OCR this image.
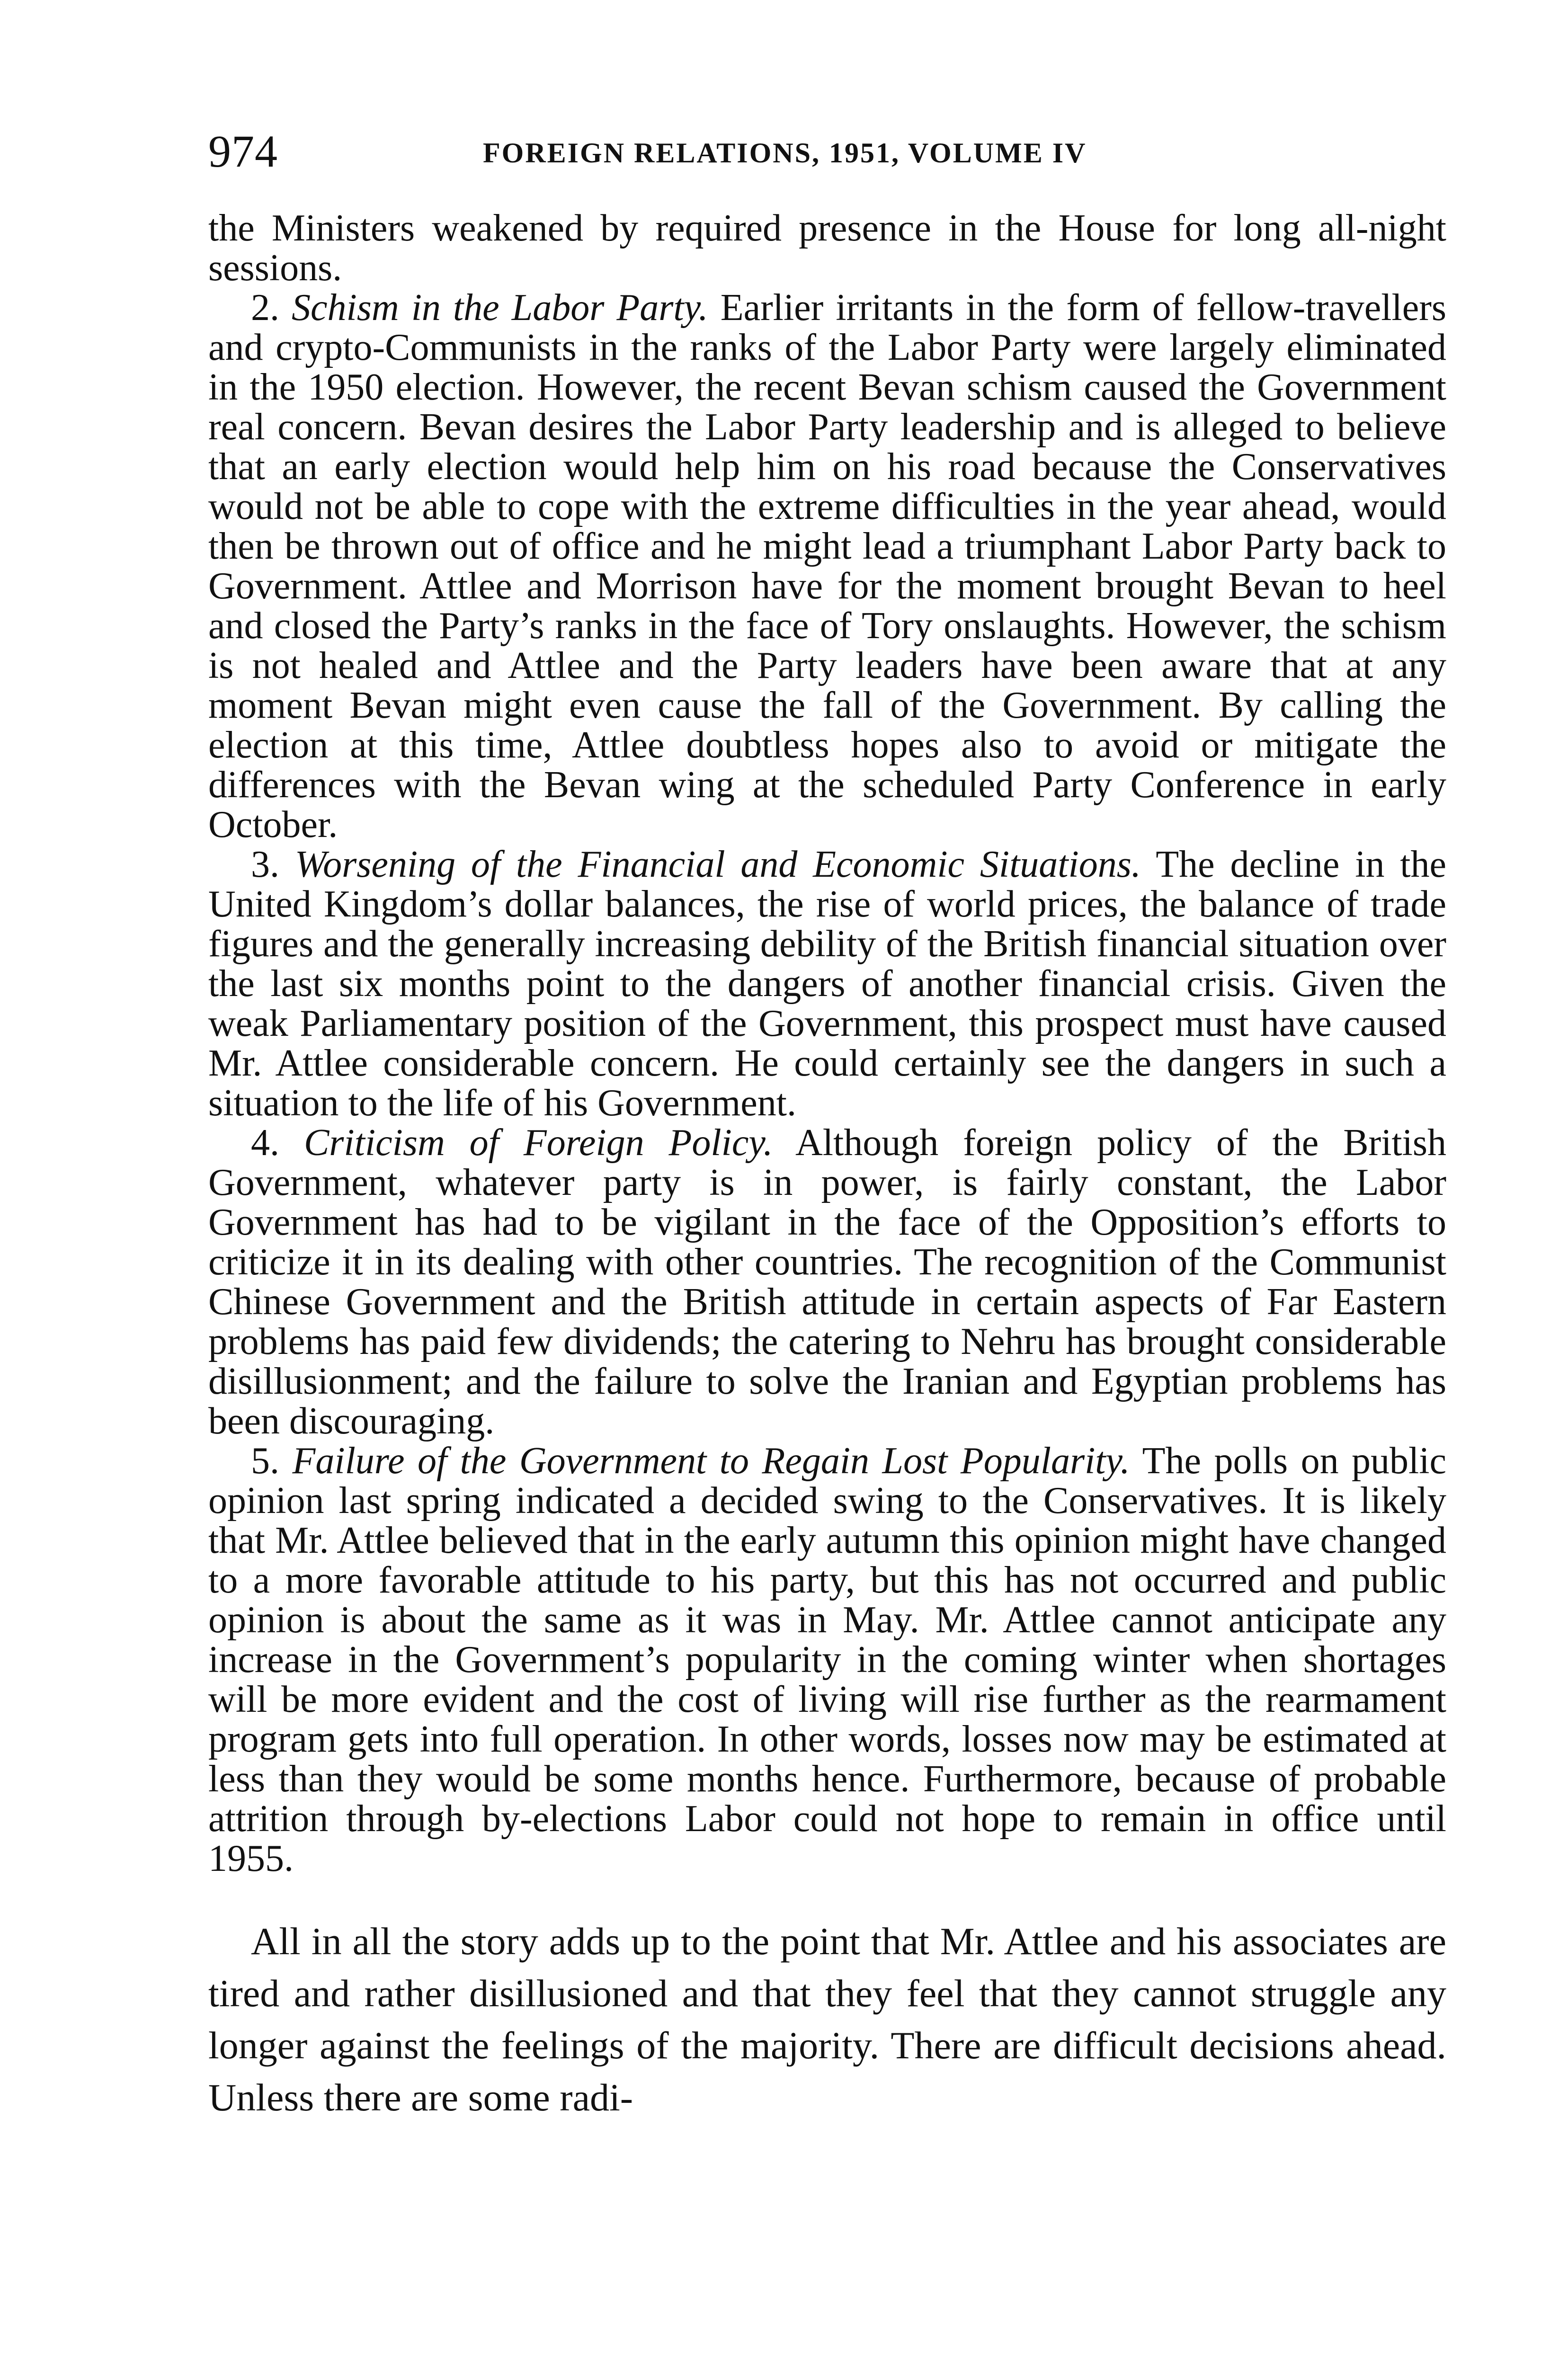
974	FOREIGN RELATIONS, 1951, VOLUME IV

the Ministers weakened by required presence in the House for long all-night sessions.

2. Schism in the Labor Party. Earlier irritants in the form of fellow-travellers and crypto-Communists in the ranks of the Labor Party were largely eliminated in the 1950 election. However, the recent Bevan schism caused the Government real concern. Bevan desires the Labor Party leadership and is alleged to believe that an early election would help him on his road because the Conservatives would not be able to cope with the extreme difficulties in the year ahead, would then be thrown out of office and he might lead a triumphant Labor Party back to Government. Attlee and Morrison have for the moment brought Bevan to heel and closed the Party’s ranks in the face of Tory onslaughts. However, the schism is not healed and Attlee and the Party leaders have been aware that at any moment Bevan might even cause the fall of the Government. By calling the election at this time, Attlee doubtless hopes also to avoid or mitigate the differences with the Bevan wing at the scheduled Party Conference in early October.

3. Worsening of the Financial and Economic Situations. The decline in the United Kingdom’s dollar balances, the rise of world prices, the balance of trade figures and the generally increasing debility of the British financial situation over the last six months point to the dangers of another financial crisis. Given the weak Parliamentary position of the Government, this prospect must have caused Mr. Attlee considerable concern. He could certainly see the dangers in such a situation to the life of his Government.

4. Criticism of Foreign Policy. Although foreign policy of the British Government, whatever party is in power, is fairly constant, the Labor Government has had to be vigilant in the face of the Opposition’s efforts to criticize it in its dealing with other countries. The recognition of the Communist Chinese Government and the British attitude in certain aspects of Far Eastern problems has paid few dividends; the catering to Nehru has brought considerable disillusionment; and the failure to solve the Iranian and Egyptian problems has been discouraging.

5. Failure of the Government to Regain Lost Popularity. The polls on public opinion last spring indicated a decided swing to the Conservatives. It is likely that Mr. Attlee believed that in the early autumn this opinion might have changed to a more favorable attitude to his party, but this has not occurred and public opinion is about the same as it was in May. Mr. Attlee cannot anticipate any increase in the Government’s popularity in the coming winter when shortages will be more evident and the cost of living will rise further as the rearmament program gets into full operation. In other words, losses now may be estimated at less than they would be some months hence. Furthermore, because of probable attrition through by-elections Labor could not hope to remain in office until 1955.

All in all the story adds up to the point that Mr. Attlee and his associates are tired and rather disillusioned and that they feel that they cannot struggle any longer against the feelings of the majority. There are difficult decisions ahead. Unless there are some radi-
